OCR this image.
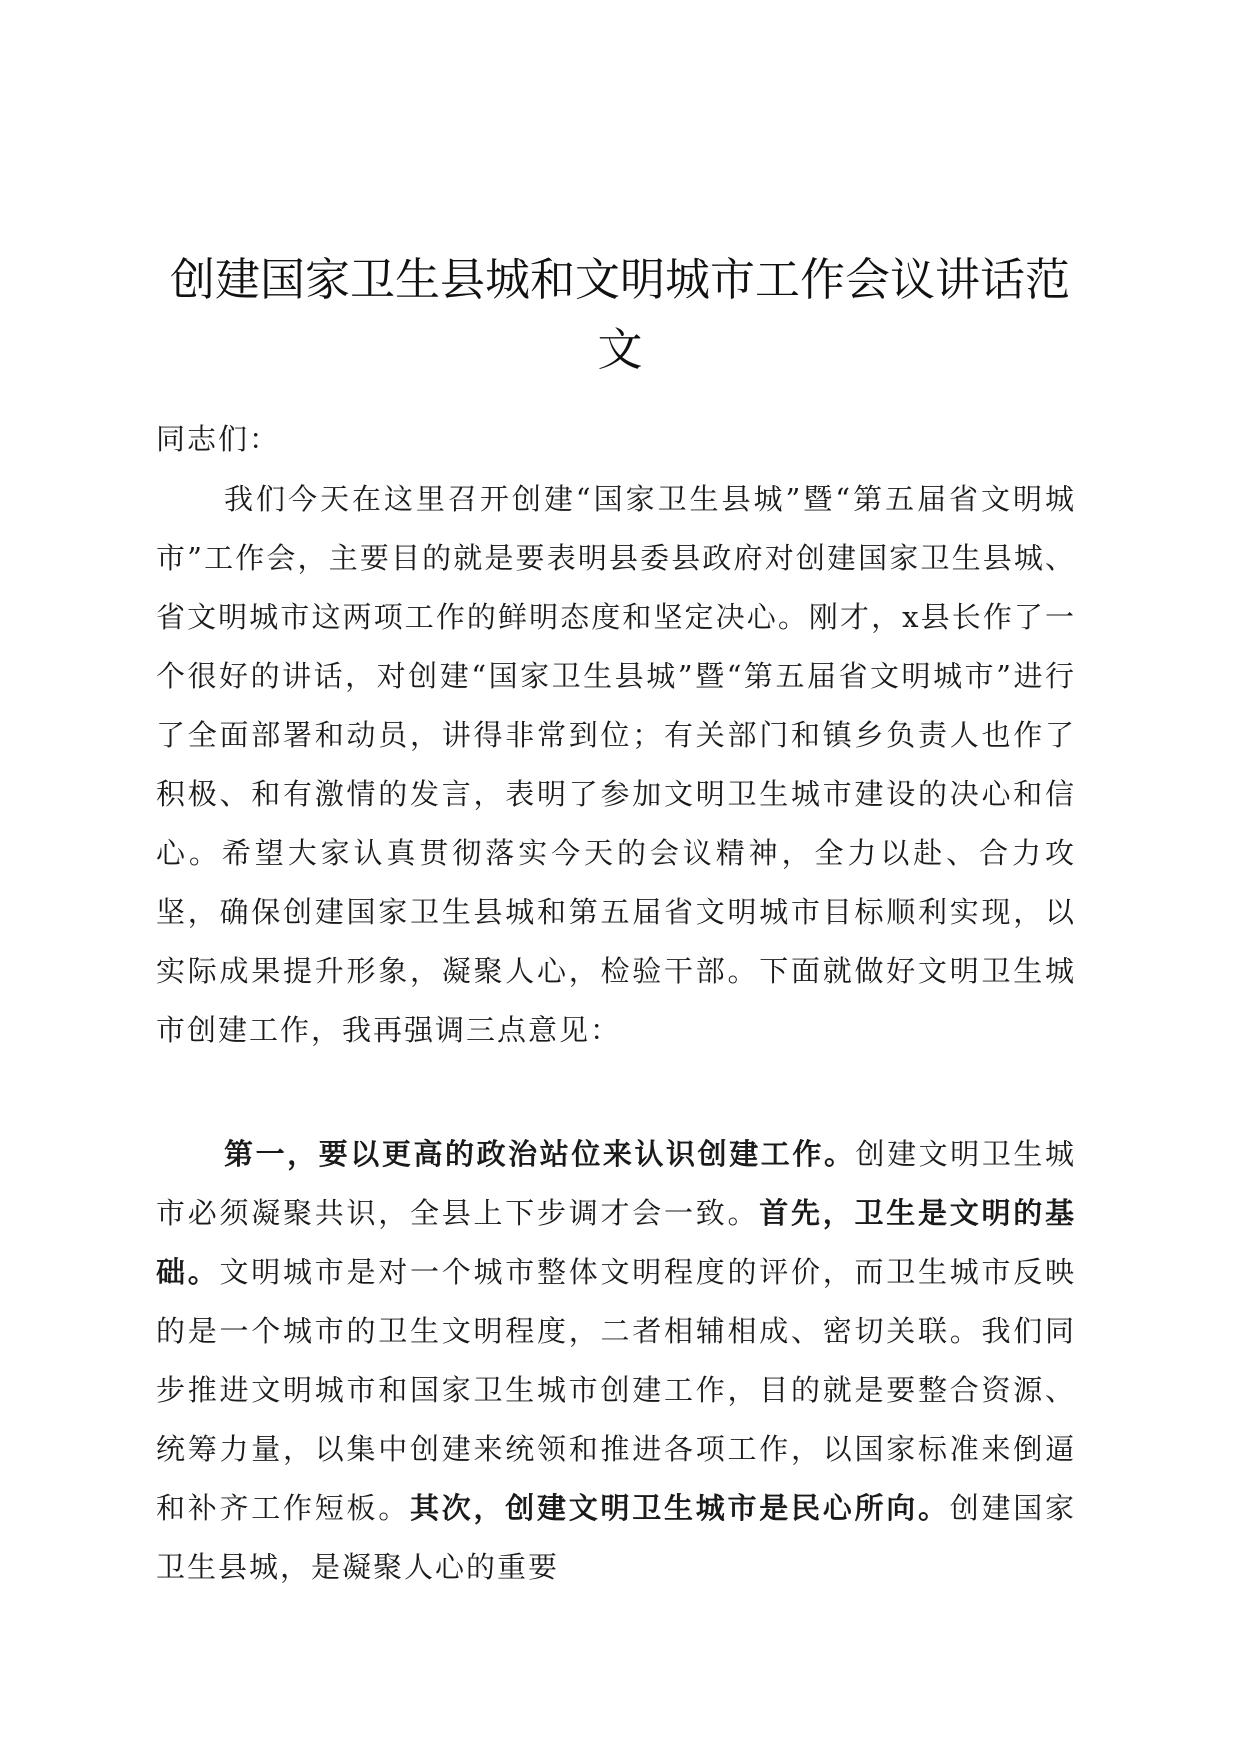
创建国家卫生县城和文明城市工作会议讲话范文

同志们：

我们今天在这里召开创建“国家卫生县城”暨“第五届省文明城市”工作会，主要目的就是要表明县委县政府对创建国家卫生县城、省文明城市这两项工作的鲜明态度和坚定决心。刚才，x县长作了一个很好的讲话，对创建“国家卫生县城”暨“第五届省文明城市”进行了全面部署和动员，讲得非常到位；有关部门和镇乡负责人也作了积极、和有激情的发言，表明了参加文明卫生城市建设的决心和信心。希望大家认真贯彻落实今天的会议精神，全力以赴、合力攻坚，确保创建国家卫生县城和第五届省文明城市目标顺利实现，以实际成果提升形象，凝聚人心，检验干部。下面就做好文明卫生城市创建工作，我再强调三点意见：

第一，要以更高的政治站位来认识创建工作。创建文明卫生城市必须凝聚共识，全县上下步调才会一致。首先，卫生是文明的基础。文明城市是对一个城市整体文明程度的评价，而卫生城市反映的是一个城市的卫生文明程度，二者相辅相成、密切关联。我们同步推进文明城市和国家卫生城市创建工作，目的就是要整合资源、统筹力量，以集中创建来统领和推进各项工作，以国家标准来倒逼和补齐工作短板。其次，创建文明卫生城市是民心所向。创建国家卫生县城，是凝聚人心的重要
